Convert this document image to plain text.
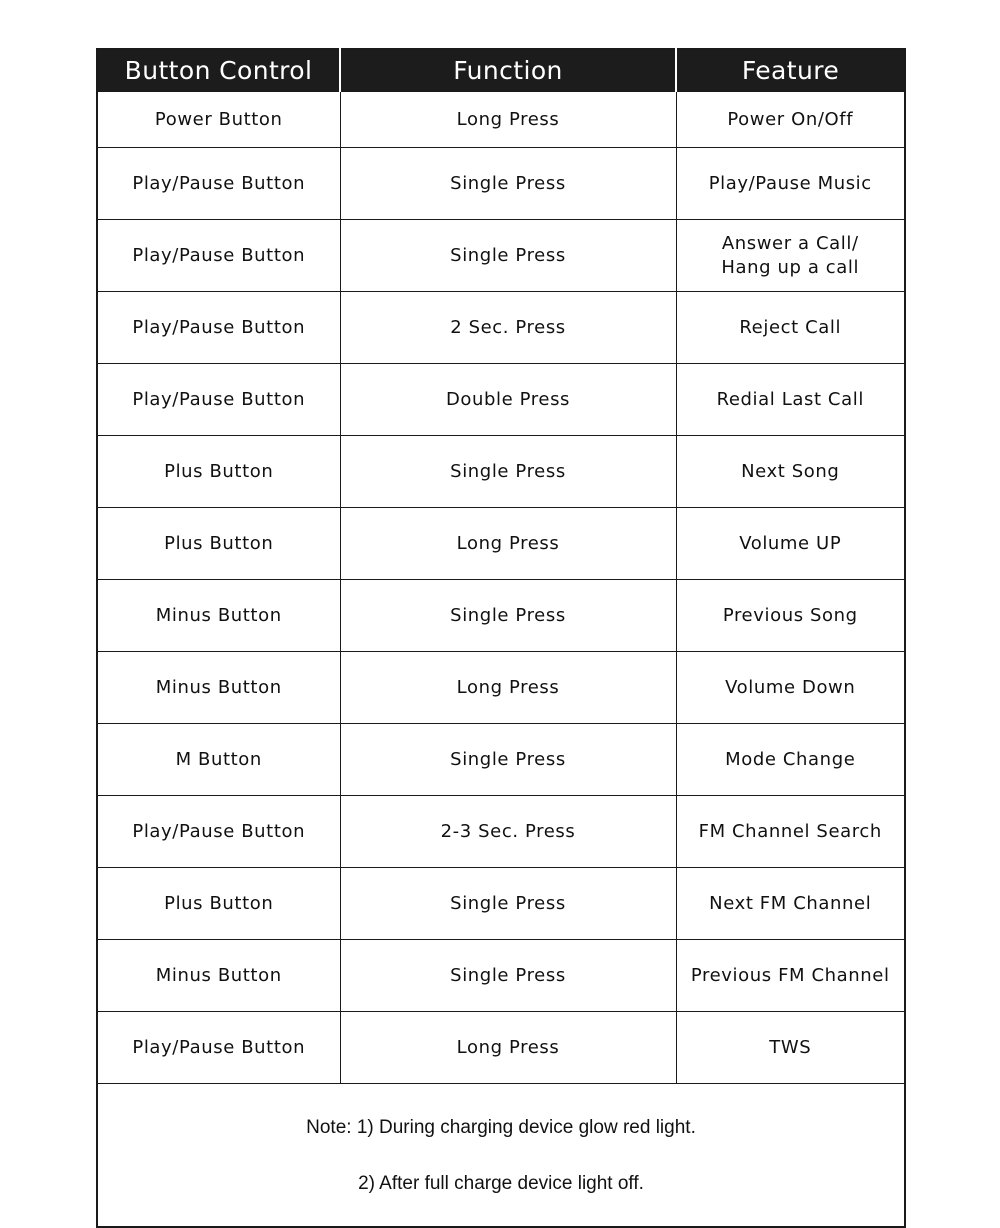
Button Control	Function	Feature
Power Button	Long Press	Power On/Off
Play/Pause Button	Single Press	Play/Pause Music
Play/Pause Button	Single Press	Answer a Call/
Hang up a call
Play/Pause Button	2 Sec. Press	Reject Call
Play/Pause Button	Double Press	Redial Last Call
Plus Button	Single Press	Next Song
Plus Button	Long Press	Volume UP
Minus Button	Single Press	Previous Song
Minus Button	Long Press	Volume Down
M Button	Single Press	Mode Change
Play/Pause Button	2-3 Sec. Press	FM Channel Search
Plus Button	Single Press	Next FM Channel
Minus Button	Single Press	Previous FM Channel
Play/Pause Button	Long Press	TWS

Note: 1) During charging device glow red light.

2) After full charge device light off.		
